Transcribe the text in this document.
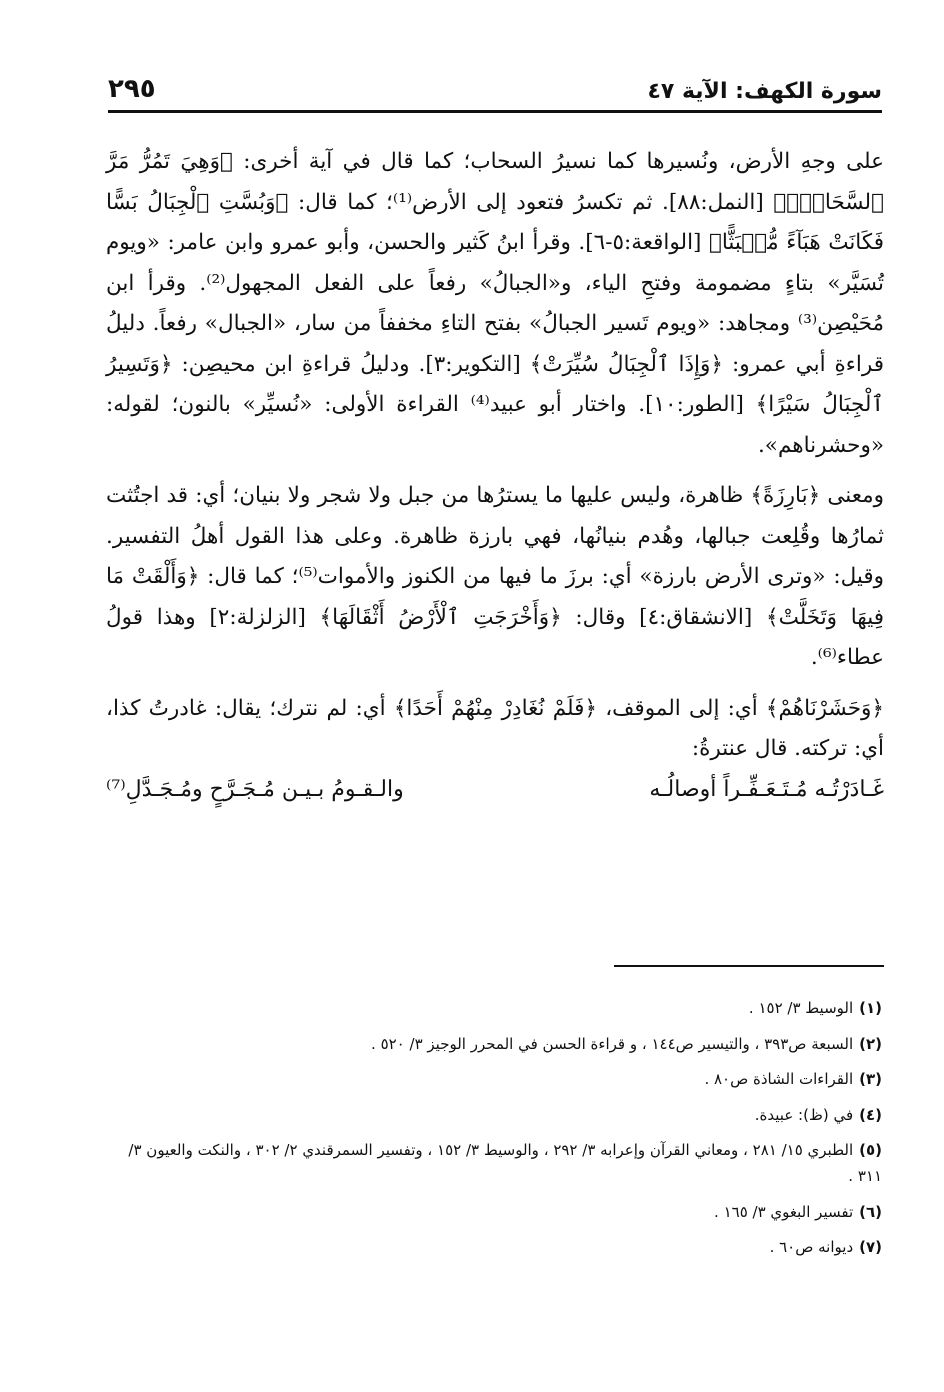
سورة الكهف: الآية ٤٧
٢٩٥

على وجهِ الأرض، ونُسيرها كما نسيرُ السحاب؛ كما قال في آية أخرى: ﴿وَهِيَ تَمُرُّ مَرَّ ٱلسَّحَابِۚ﴾ [النمل:٨٨]. ثم تكسرُ فتعود إلى الأرض⁽¹⁾؛ كما قال: ﴿وَبُسَّتِ ٱلْجِبَالُ بَسًّا فَكَانَتْ هَبَآءً مُّنۢبَثًّا﴾ [الواقعة:٥-٦]. وقرأ ابنُ كَثير والحسن، وأبو عمرو وابن عامر: «ويوم تُسَيَّر» بتاءٍ مضمومة وفتحِ الياء، و«الجبالُ» رفعاً على الفعل المجهول⁽²⁾. وقرأ ابن مُحَيْصِن⁽³⁾ ومجاهد: «ويوم تَسير الجبالُ» بفتح التاءِ مخففاً من سار، «الجبال» رفعاً. دليلُ قراءةِ أبي عمرو: ﴿وَإِذَا ٱلْجِبَالُ سُيِّرَتْ﴾ [التكوير:٣]. ودليلُ قراءةِ ابن محيصِن: ﴿وَتَسِيرُ ٱلْجِبَالُ سَيْرًا﴾ [الطور:١٠]. واختار أبو عبيد⁽⁴⁾ القراءة الأولى: «نُسيِّر» بالنون؛ لقوله: «وحشرناهم».

ومعنى ﴿بَارِزَةً﴾ ظاهرة، وليس عليها ما يسترُها من جبل ولا شجر ولا بنيان؛ أي: قد اجتُثت ثمارُها وقُلِعت جبالها، وهُدم بنيانُها، فهي بارزة ظاهرة. وعلى هذا القول أهلُ التفسير. وقيل: «وترى الأرض بارزة» أي: برزَ ما فيها من الكنوز والأموات⁽⁵⁾؛ كما قال: ﴿وَأَلْقَتْ مَا فِيهَا وَتَخَلَّتْ﴾ [الانشقاق:٤] وقال: ﴿وَأَخْرَجَتِ ٱلْأَرْضُ أَثْقَالَهَا﴾ [الزلزلة:٢] وهذا قولُ عطاء⁽⁶⁾.

﴿وَحَشَرْنَاهُمْ﴾ أي: إلى الموقف، ﴿فَلَمْ نُغَادِرْ مِنْهُمْ أَحَدًا﴾ أي: لم نترك؛ يقال: غادرتُ كذا، أي: تركته. قال عنترةُ:

غَـادَرْتُـه مُـتَـعَـفِّـراً أوصالُـه
والـقـومُ بـيـن مُـجَـرَّحٍ ومُـجَـدَّلِ⁽⁷⁾
(١)الوسيط ٣/ ١٥٢ .
(٢)السبعة ص٣٩٣ ، والتيسير ص١٤٤ ، و قراءة الحسن في المحرر الوجيز ٣/ ٥٢٠ .
(٣)القراءات الشاذة ص٨٠ .
(٤)في (ظ): عبيدة.
(٥)الطبري ١٥/ ٢٨١ ، ومعاني القرآن وإعرابه ٣/ ٢٩٢ ، والوسيط ٣/ ١٥٢ ، وتفسير السمرقندي ٢/ ٣٠٢ ، والنكت والعيون ٣/ ٣١١ .
(٦)تفسير البغوي ٣/ ١٦٥ .
(٧)ديوانه ص٦٠ .
